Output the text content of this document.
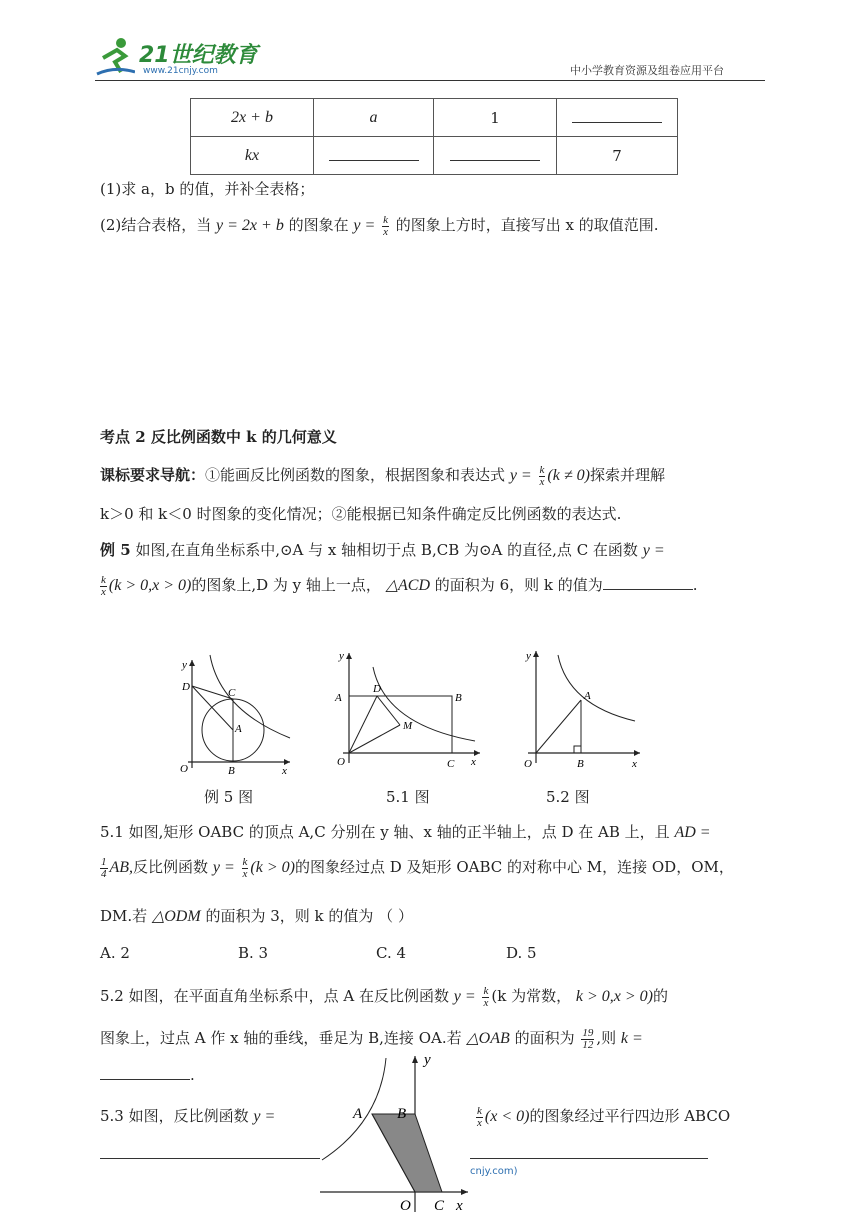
21世纪教育
www.21cnjy.com	中小学教育资源及组卷应用平台
2x + b	a	1	
kx			7
(1)求 a，b 的值，并补全表格；
(2)结合表格，当 y = 2x + b 的图象在 $y = \frac{k}{x}$ 的图象上方时，直接写出 x 的取值范围.
考点 2 反比例函数中 k 的几何意义
课标要求导航：①能画反比例函数的图象，根据图象和表达式 $y = \frac{k}{x} (k \ne 0)$探索并理解
k＞0 和 k＜0 时图象的变化情况；②能根据已知条件确定反比例函数的表达式.
例 5 如图,在直角坐标系中,⊙A 与 x 轴相切于点 B,CB 为⊙A 的直径,点 C 在函数 y =
$\frac{k}{x} (k > 0,x > 0)$的图象上,D 为 y 轴上一点， △ACD 的面积为 6，则 k 的值为	.
y
D	C
A
O	B	x
例 5 图
y
A
D
B
M
O	C x
5.1 图
y
A
O	B	x
5.2 图
5.1 如图,矩形 OABC 的顶点 A,C 分别在 y 轴、x 轴的正半轴上，点 D 在 AB 上，且 AD =
$\frac{1}{4}$ AB,反比例函数 $y = \frac{k}{x} (k > 0)$的图象经过点 D 及矩形 OABC 的对称中心 M，连接 OD，OM，
DM.若 △ODM 的面积为 3，则 k 的值为 （ ）
A. 2	B. 3	C. 4	D. 5
5.2 如图，在平面直角坐标系中，点 A 在反比例函数 $y = \frac{k}{x} (k$ 为常数， k > 0,x > 0)的
图象上，过点 A 作 x 轴的垂线，垂足为 B,连接 OA.若 △OAB 的面积为 $\frac{19}{12}$ ,则 k =
.
5.3 如图，反比例函数 y =	$\frac{k}{x} (x < 0)$的图象经过平行四边形 ABCO
cnjy.com)
y
A B
O C x
